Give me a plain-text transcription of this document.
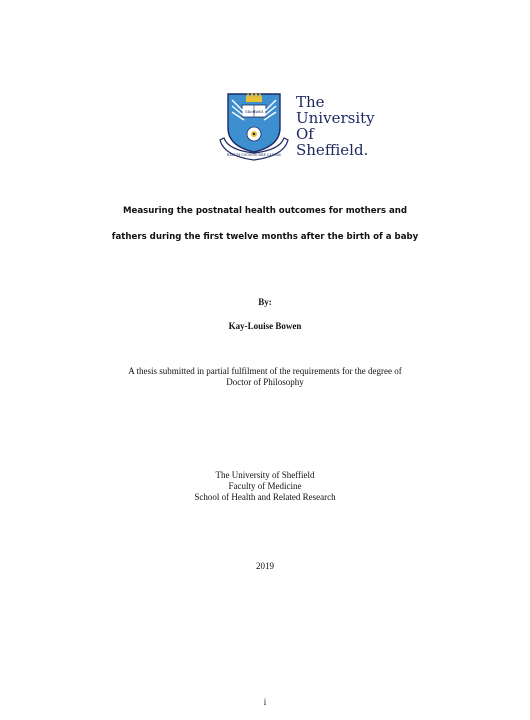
RERUM COGNOSCERE CAUSAS
Sheffield
The
University
Of
Sheffield.
Measuring the postnatal health outcomes for mothers and
fathers during the first twelve months after the birth of a baby
By:
Kay-Louise Bowen
A thesis submitted in partial fulfilment of the requirements for the degree of
Doctor of Philosophy
The University of Sheffield
Faculty of Medicine
School of Health and Related Research
2019
i
